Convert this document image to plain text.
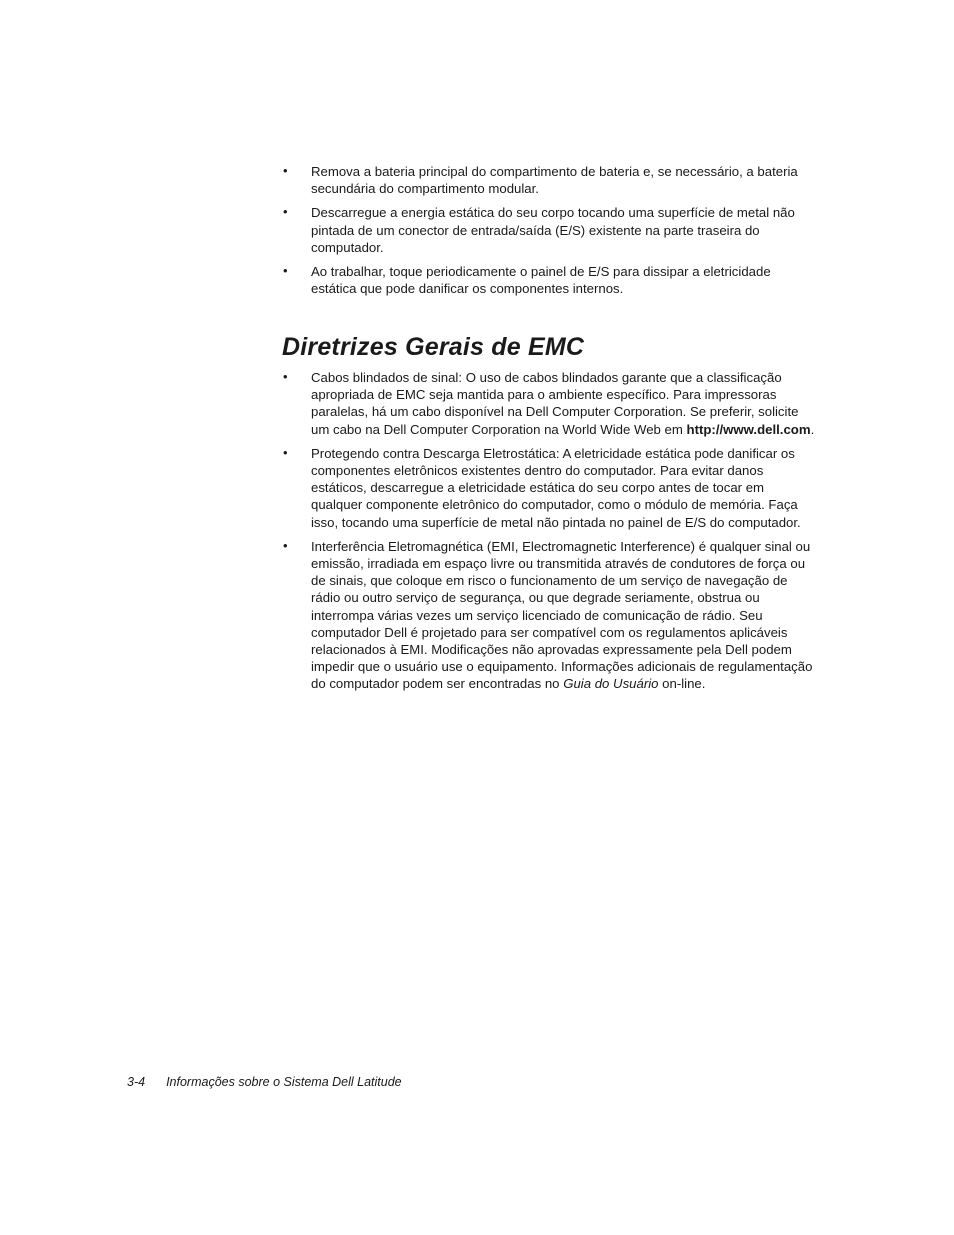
• Remova a bateria principal do compartimento de bateria e, se necessário, a bateria secundária do compartimento modular.
• Descarregue a energia estática do seu corpo tocando uma superfície de metal não pintada de um conector de entrada/saída (E/S) existente na parte traseira do computador.
• Ao trabalhar, toque periodicamente o painel de E/S para dissipar a eletricidade estática que pode danificar os componentes internos.
Diretrizes Gerais de EMC
• Cabos blindados de sinal: O uso de cabos blindados garante que a classificação apropriada de EMC seja mantida para o ambiente específico. Para impressoras paralelas, há um cabo disponível na Dell Computer Corporation. Se preferir, solicite um cabo na Dell Computer Corporation na World Wide Web em http://www.dell.com.
• Protegendo contra Descarga Eletrostática: A eletricidade estática pode danificar os componentes eletrônicos existentes dentro do computador. Para evitar danos estáticos, descarregue a eletricidade estática do seu corpo antes de tocar em qualquer componente eletrônico do computador, como o módulo de memória. Faça isso, tocando uma superfície de metal não pintada no painel de E/S do computador.
• Interferência Eletromagnética (EMI, Electromagnetic Interference) é qualquer sinal ou emissão, irradiada em espaço livre ou transmitida através de condutores de força ou de sinais, que coloque em risco o funcionamento de um serviço de navegação de rádio ou outro serviço de segurança, ou que degrade seriamente, obstrua ou interrompa várias vezes um serviço licenciado de comunicação de rádio. Seu computador Dell é projetado para ser compatível com os regulamentos aplicáveis relacionados à EMI. Modificações não aprovadas expressamente pela Dell podem impedir que o usuário use o equipamento. Informações adicionais de regulamentação do computador podem ser encontradas no Guia do Usuário on-line.
3-4 Informações sobre o Sistema Dell Latitude
